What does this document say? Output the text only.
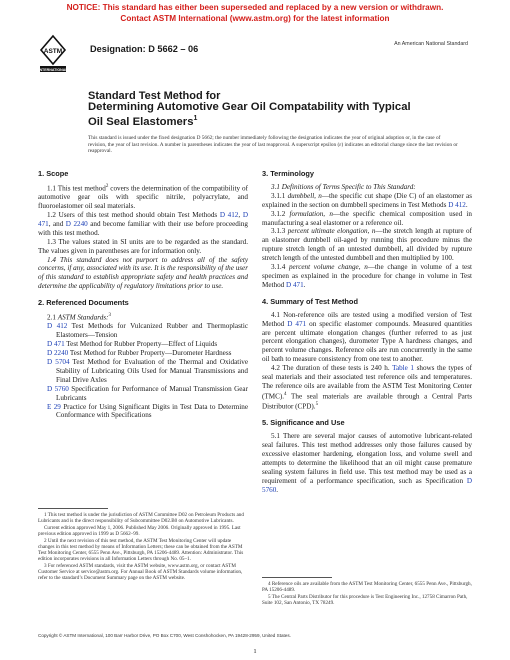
NOTICE: This standard has either been superseded and replaced by a new version or withdrawn.
Contact ASTM International (www.astm.org) for the latest information
ASTM
INTERNATIONAL
Designation: D 5662 – 06	An American National Standard
Standard Test Method for
Determining Automotive Gear Oil Compatability with Typical Oil Seal Elastomers$^1$
This standard is issued under the fixed designation D 5662; the number immediately following the designation indicates the year of original adoption or, in the case of revision, the year of last revision. A number in parentheses indicates the year of last reapproval. A superscript epsilon (ε) indicates an editorial change since the last revision or reapproval.
1. Scope

1.1 This test method$^2$ covers the determination of the compatibility of automotive gear oils with specific nitrile, polyacrylate, and fluoroelastomer oil seal materials.

1.2 Users of this test method should obtain Test Methods D 412, D 471, and D 2240 and become familiar with their use before proceeding with this test method.

1.3 The values stated in SI units are to be regarded as the standard. The values given in parentheses are for information only.

1.4 This standard does not purport to address all of the safety concerns, if any, associated with its use. It is the responsibility of the user of this standard to establish appropriate safety and health practices and determine the applicability of regulatory limitations prior to use.

2. Referenced Documents

2.1 ASTM Standards:$^3$

D 412 Test Methods for Vulcanized Rubber and Thermoplastic Elastomers—Tension

D 471 Test Method for Rubber Property—Effect of Liquids

D 2240 Test Method for Rubber Property—Durometer Hardness

D 5704 Test Method for Evaluation of the Thermal and Oxidative Stability of Lubricating Oils Used for Manual Transmissions and Final Drive Axles

D 5760 Specification for Performance of Manual Transmission Gear Lubricants

E 29 Practice for Using Significant Digits in Test Data to Determine Conformance with Specifications

3. Terminology

3.1 Definitions of Terms Specific to This Standard:

3.1.1 dumbbell, n—the specific cut shape (Die C) of an elastomer as explained in the section on dumbbell specimens in Test Methods D 412.

3.1.2 formulation, n—the specific chemical composition used in manufacturing a seal elastomer or a reference oil.

3.1.3 percent ultimate elongation, n—the stretch length at rupture of an elastomer dumbbell oil-aged by running this procedure minus the rupture stretch length of an untested dumbbell, all divided by rupture stretch length of the untested dumbbell and then multiplied by 100.

3.1.4 percent volume change, n—the change in volume of a test specimen as explained in the procedure for change in volume in Test Method D 471.

4. Summary of Test Method

4.1 Non-reference oils are tested using a modified version of Test Method D 471 on specific elastomer compounds. Measured quantities are percent ultimate elongation changes (further referred to as just percent elongation changes), durometer Type A hardness changes, and percent volume changes. Reference oils are run concurrently in the same oil bath to measure consistency from one test to another.

4.2 The duration of these tests is 240 h. Table 1 shows the types of seal materials and their associated test reference oils and temperatures. The reference oils are available from the ASTM Test Monitoring Center (TMC).$^4$ The seal materials are available through a Central Parts Distributor (CPD).$^5$

5. Significance and Use

5.1 There are several major causes of automotive lubricant-related seal failures. This test method addresses only those failures caused by excessive elastomer hardening, elongation loss, and volume swell and attempts to determine the likelihood that an oil might cause premature sealing system failures in field use. This test method may be used as a requirement of a performance specification, such as Specification D 5760.

1 This test method is under the jurisdiction of ASTM Committee D02 on Petroleum Products and Lubricants and is the direct responsibility of Subcommittee D02.B0 on Automotive Lubricants.

Current edition approved May 1, 2006. Published May 2006. Originally approved in 1995. Last previous edition approved in 1999 as D 5662–99.

2 Until the next revision of this test method, the ASTM Test Monitoring Center will update changes in this test method by means of Information Letters; these can be obtained from the ASTM Test Monitoring Center, 6555 Penn Ave., Pittsburgh, PA 15206-4489. Attention: Administrator. This edition incorporates revisions in all Information Letters through No. 05–1.

3 For referenced ASTM standards, visit the ASTM website, www.astm.org, or contact ASTM Customer Service at service@astm.org. For Annual Book of ASTM Standards volume information, refer to the standard’s Document Summary page on the ASTM website.

4 Reference oils are available from the ASTM Test Monitoring Center, 6555 Penn Ave., Pittsburgh, PA 15206-4489.

5 The Central Parts Distributor for this procedure is Test Engineering Inc., 12758 Cimarron Path, Suite 102, San Antonio, TX 78249.

Copyright © ASTM International, 100 Barr Harbor Drive, PO Box C700, West Conshohocken, PA 19428-2959, United States.
1
